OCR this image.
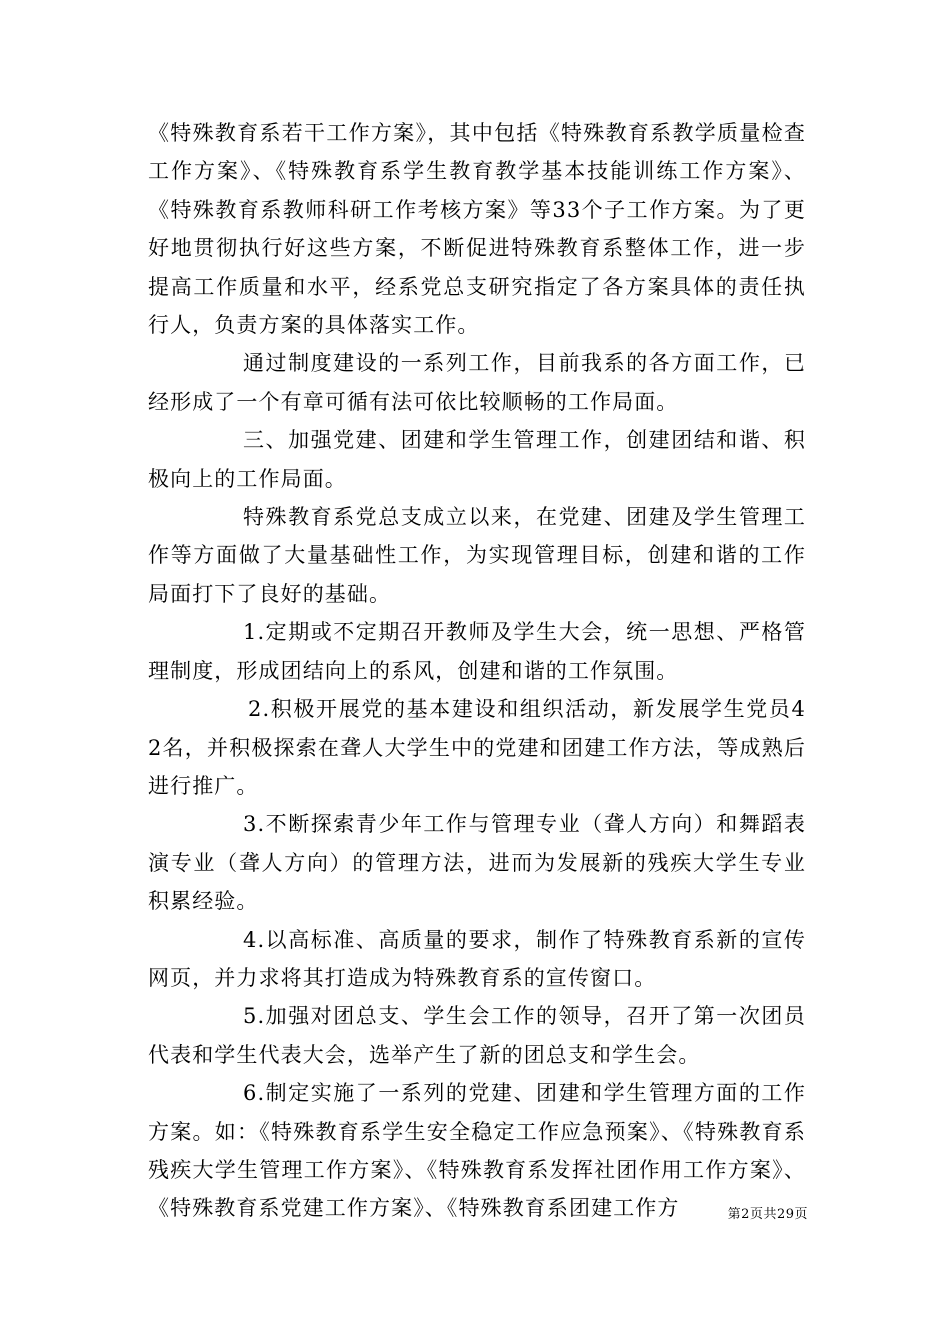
《特殊教育系若干工作方案》，其中包括《特殊教育系教学质量检查工作方案》、《特殊教育系学生教育教学基本技能训练工作方案》、《特殊教育系教师科研工作考核方案》等33个子工作方案。为了更好地贯彻执行好这些方案，不断促进特殊教育系整体工作，进一步提高工作质量和水平，经系党总支研究指定了各方案具体的责任执行人，负责方案的具体落实工作。

通过制度建设的一系列工作，目前我系的各方面工作，已经形成了一个有章可循有法可依比较顺畅的工作局面。

三、加强党建、团建和学生管理工作，创建团结和谐、积极向上的工作局面。

特殊教育系党总支成立以来，在党建、团建及学生管理工作等方面做了大量基础性工作，为实现管理目标，创建和谐的工作局面打下了良好的基础。

1.定期或不定期召开教师及学生大会，统一思想、严格管理制度，形成团结向上的系风，创建和谐的工作氛围。

2.积极开展党的基本建设和组织活动，新发展学生党员42名，并积极探索在聋人大学生中的党建和团建工作方法，等成熟后进行推广。

3.不断探索青少年工作与管理专业（聋人方向）和舞蹈表演专业（聋人方向）的管理方法，进而为发展新的残疾大学生专业积累经验。

4.以高标准、高质量的要求，制作了特殊教育系新的宣传网页，并力求将其打造成为特殊教育系的宣传窗口。

5.加强对团总支、学生会工作的领导，召开了第一次团员代表和学生代表大会，选举产生了新的团总支和学生会。

6.制定实施了一系列的党建、团建和学生管理方面的工作方案。如：《特殊教育系学生安全稳定工作应急预案》、《特殊教育系残疾大学生管理工作方案》、《特殊教育系发挥社团作用工作方案》、《特殊教育系党建工作方案》、《特殊教育系团建工作方	第2页共29页
